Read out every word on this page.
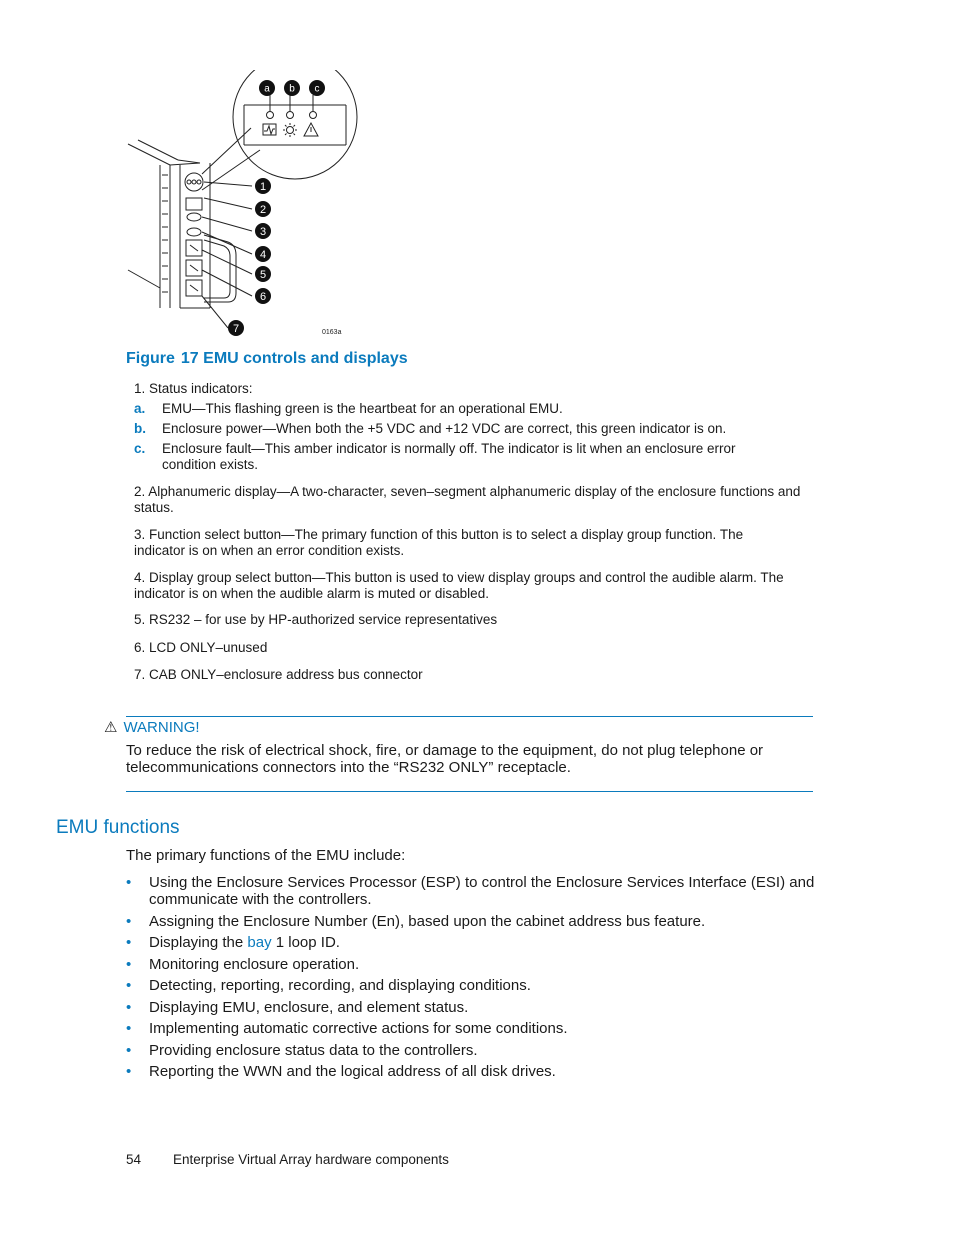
a b c
1
2
3
4
5
6
7	0163a
Figure 17 EMU controls and displays
1. Status indicators:
a. EMU—This flashing green is the heartbeat for an operational EMU.
b. Enclosure power—When both the +5 VDC and +12 VDC are correct, this green indicator is on.
c. Enclosure fault—This amber indicator is normally off. The indicator is lit when an enclosure error condition exists.
2. Alphanumeric display—A two-character, seven–segment alphanumeric display of the enclosure functions and status.
3. Function select button—The primary function of this button is to select a display group function. The indicator is on when an error condition exists.
4. Display group select button—This button is used to view display groups and control the audible alarm. The indicator is on when the audible alarm is muted or disabled.
5. RS232 – for use by HP-authorized service representatives
6. LCD ONLY–unused
7. CAB ONLY–enclosure address bus connector
⚠ WARNING!
To reduce the risk of electrical shock, fire, or damage to the equipment, do not plug telephone or telecommunications connectors into the “RS232 ONLY” receptacle.
EMU functions
The primary functions of the EMU include:
• Using the Enclosure Services Processor (ESP) to control the Enclosure Services Interface (ESI) and communicate with the controllers.
• Assigning the Enclosure Number (En), based upon the cabinet address bus feature.
• Displaying the bay 1 loop ID.
• Monitoring enclosure operation.
• Detecting, reporting, recording, and displaying conditions.
• Displaying EMU, enclosure, and element status.
• Implementing automatic corrective actions for some conditions.
• Providing enclosure status data to the controllers.
• Reporting the WWN and the logical address of all disk drives.
54 Enterprise Virtual Array hardware components
